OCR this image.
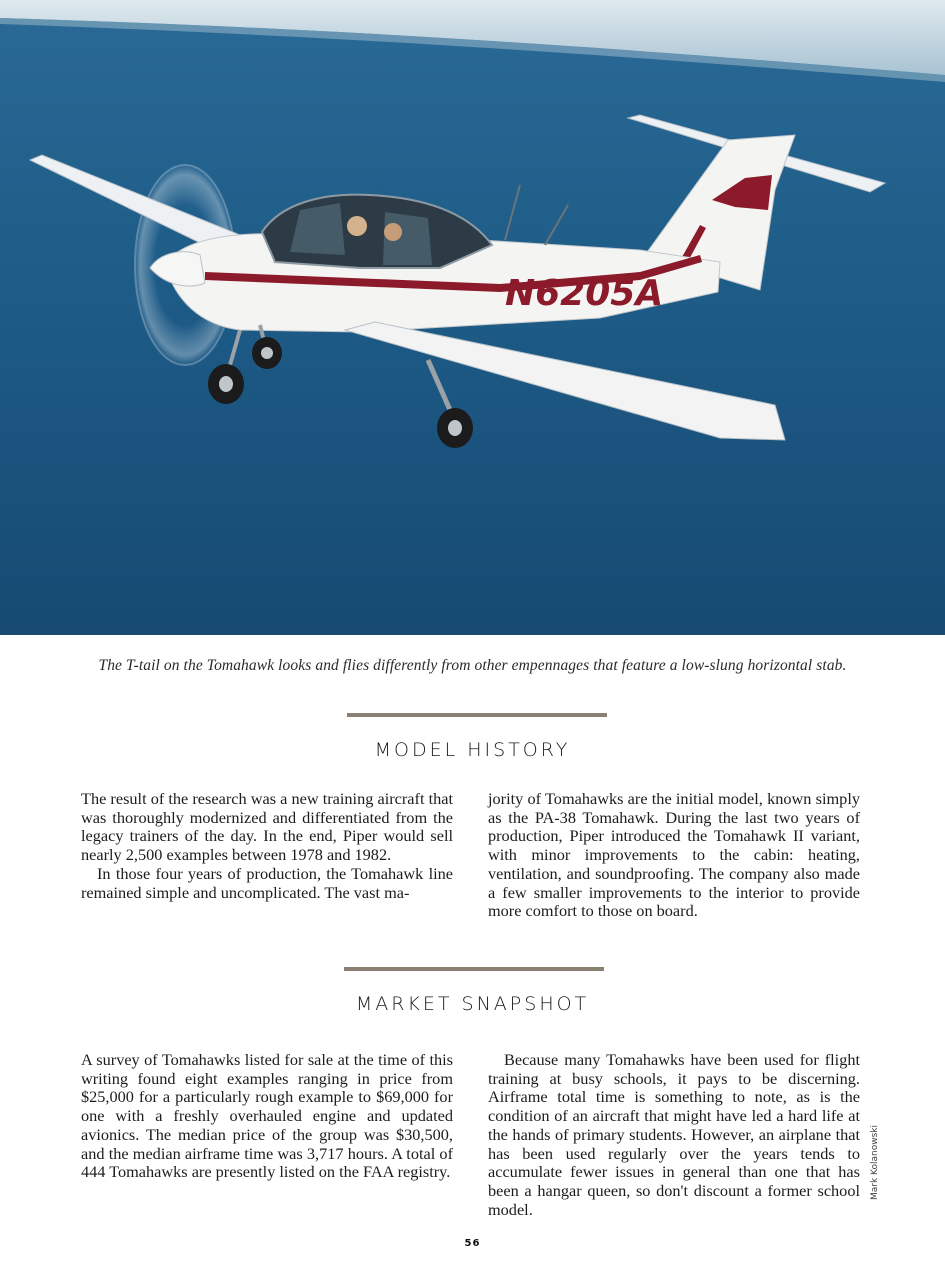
N6205A
The T-tail on the Tomahawk looks and flies differently from other empennages that feature a low-slung horizontal stab.
MODEL HISTORY

The result of the research was a new training aircraft that was thoroughly modernized and differentiated from the legacy trainers of the day. In the end, Piper would sell nearly 2,500 examples between 1978 and 1982.

In those four years of production, the Tomahawk line remained simple and uncomplicated. The vast ma-

jority of Tomahawks are the initial model, known simply as the PA-38 Tomahawk. During the last two years of production, Piper introduced the Tomahawk II variant, with minor improvements to the cabin: heating, ventilation, and soundproofing. The company also made a few smaller improvements to the interior to provide more comfort to those on board.

MARKET SNAPSHOT

A survey of Tomahawks listed for sale at the time of this writing found eight examples ranging in price from $25,000 for a particularly rough example to $69,000 for one with a freshly overhauled engine and updated avionics. The median price of the group was $30,500, and the median airframe time was 3,717 hours. A total of 444 Tomahawks are presently listed on the FAA registry.

Because many Tomahawks have been used for flight training at busy schools, it pays to be discerning. Airframe total time is something to note, as is the condition of an aircraft that might have led a hard life at the hands of primary students. However, an airplane that has been used regularly over the years tends to accumulate fewer issues in general than one that has been a hangar queen, so don't discount a former school model.

Mark Kolanowski
56
